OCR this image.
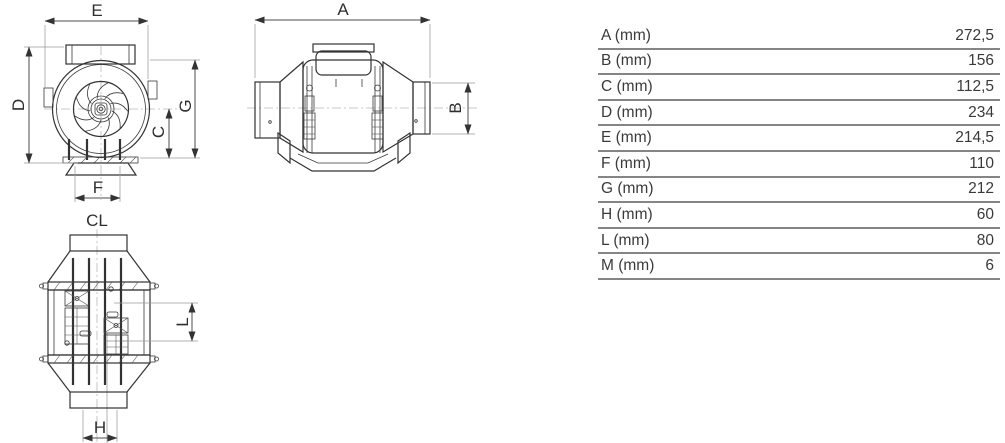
E
D	G
C
F
A
B
CL
L
H
A (mm)	272,5
B (mm)	156
C (mm)	112,5
D (mm)	234
E (mm)	214,5
F (mm)	110
G (mm)	212
H (mm)	60
L (mm)	80
M (mm)	6
